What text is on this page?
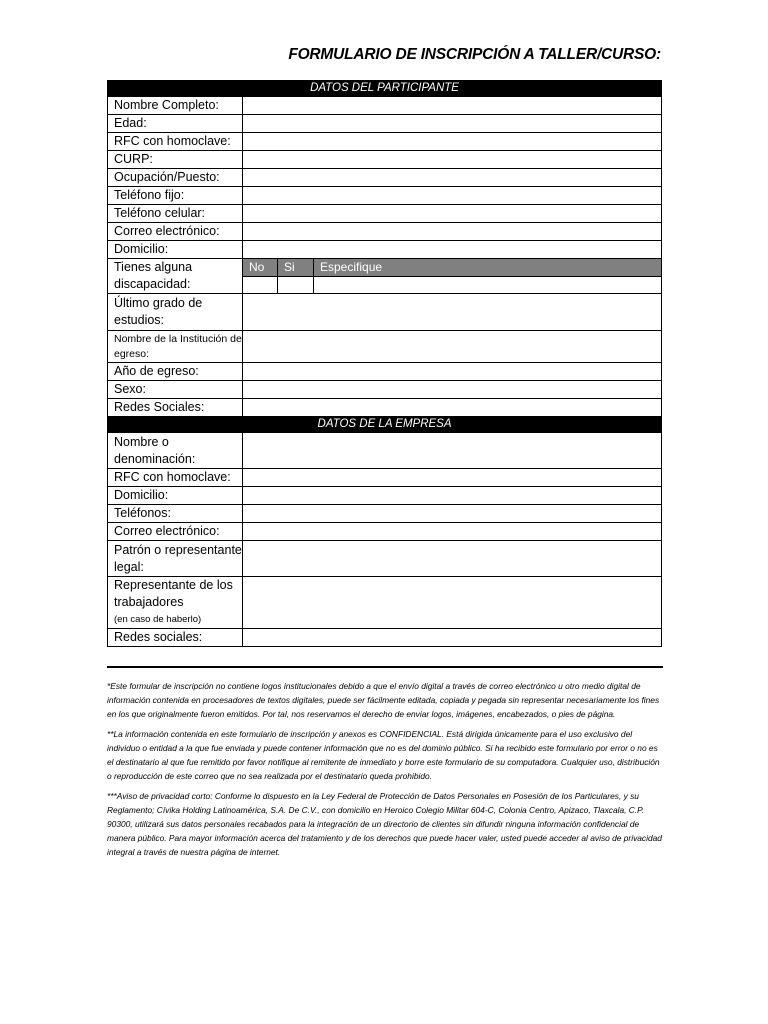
FORMULARIO DE INSCRIPCIÓN A TALLER/CURSO:
DATOS DEL PARTICIPANTE			
Nombre Completo:			
Edad:			
RFC con homoclave:			
CURP:			
Ocupación/Puesto:			
Teléfono fijo:			
Teléfono celular:			
Correo electrónico:			
Domicilio:			
Tienes alguna discapacidad:	No	Si	Especifique

Último grado de estudios:			
Nombre de la Institución de egreso:			
Año de egreso:			
Sexo:			
Redes Sociales:			
DATOS DE LA EMPRESA			
Nombre o denominación:			
RFC con homoclave:			
Domicilio:			
Teléfonos:			
Correo electrónico:			
Patrón o representante legal:			

Representante de los trabajadores
(en caso de haberlo)			

Redes sociales:			

*Este formular de inscripción no contiene logos institucionales debido a que el envío digital a través de correo electrónico u otro medio digital de información contenida en procesadores de textos digitales, puede ser fácilmente editada, copiada y pegada sin representar necesariamente los fines en los que originalmente fueron emitidos. Por tal, nos reservamos el derecho de enviar logos, imágenes, encabezados, o pies de página.

**La información contenida en este formulario de inscripción y anexos es CONFIDENCIAL. Está dirigida únicamente para el uso exclusivo del individuo o entidad a la que fue enviada y puede contener información que no es del dominio público. Si ha recibido este formulario por error o no es el destinatario al que fue remitido por favor notifique al remitente de inmediato y borre este formulario de su computadora. Cualquier uso, distribución o reproducción de este correo que no sea realizada por el destinatario queda prohibido.

***Aviso de privacidad corto: Conforme lo dispuesto en la Ley Federal de Protección de Datos Personales en Posesión de los Particulares, y su Reglamento; Cívika Holding Latinoamérica, S.A. De C.V., con domicilio en Heroico Colegio Militar 604-C, Colonia Centro, Apizaco, Tlaxcala, C.P. 90300, utilizará sus datos personales recabados para la integración de un directorio de clientes sin difundir ninguna información confidencial de manera público. Para mayor información acerca del tratamiento y de los derechos que puede hacer valer, usted puede acceder al aviso de privacidad integral a través de nuestra página de internet.
